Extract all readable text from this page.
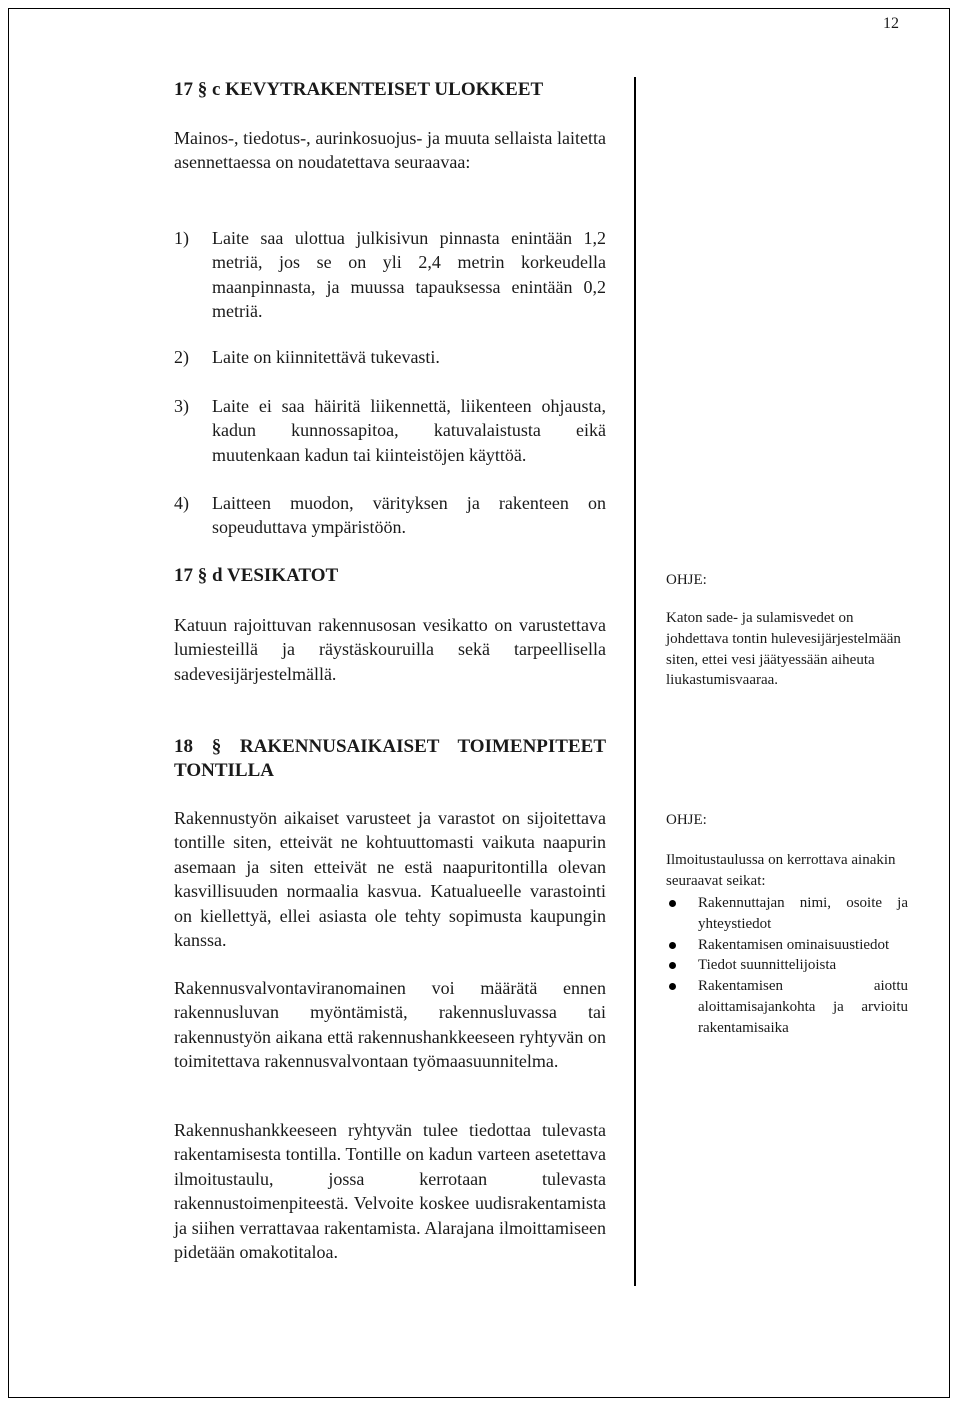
12
17 § c KEVYTRAKENTEISET ULOKKEET
Mainos-, tiedotus-, aurinkosuojus- ja muuta sellaista laitetta asennettaessa on noudatettava seuraavaa:
1)	Laite saa ulottua julkisivun pinnasta enintään 1,2 metriä, jos se on yli 2,4 metrin korkeudella maanpinnasta, ja muussa tapauksessa enintään 0,2 metriä.
2)	Laite on kiinnitettävä tukevasti.
3)	Laite ei saa häiritä liikennettä, liikenteen ohjausta, kadun kunnossapitoa, katuvalaistusta eikä muutenkaan kadun tai kiinteistöjen käyttöä.
4)	Laitteen muodon, värityksen ja rakenteen on sopeuduttava ympäristöön.
17 § d VESIKATOT
Katuun rajoittuvan rakennusosan vesikatto on varustettava lumiesteillä ja räystäskouruilla sekä tarpeellisella sadevesijärjestelmällä.
OHJE:
Katon sade- ja sulamisvedet on johdettava tontin hulevesijärjestelmään siten, ettei vesi jäätyessään aiheuta liukastumisvaaraa.
18 § RAKENNUSAIKAISET TOIMENPITEET TONTILLA
Rakennustyön aikaiset varusteet ja varastot on sijoitettava tontille siten, etteivät ne kohtuuttomasti vaikuta naapurin asemaan ja siten etteivät ne estä naapuritontilla olevan kasvillisuuden normaalia kasvua. Katualueelle varastointi on kiellettyä, ellei asiasta ole tehty sopimusta kaupungin kanssa.
Rakennusvalvontaviranomainen voi määrätä ennen rakennusluvan myöntämistä, rakennusluvassa tai rakennustyön aikana että rakennushankkeeseen ryhtyvän on toimitettava rakennusvalvontaan työmaasuunnitelma.
Rakennushankkeeseen ryhtyvän tulee tiedottaa tulevasta rakentamisesta tontilla. Tontille on kadun varteen asetettava ilmoitustaulu, jossa kerrotaan tulevasta rakennustoimenpiteestä. Velvoite koskee uudisrakentamista ja siihen verrattavaa rakentamista. Alarajana ilmoittamiseen pidetään omakotitaloa.
OHJE:
Ilmoitustaulussa on kerrottava ainakin seuraavat seikat:
Rakennuttajan nimi, osoite ja yhteystiedot
Rakentamisen ominaisuustiedot
Tiedot suunnittelijoista
Rakentamisen aiottu aloittamisajankohta ja arvioitu rakentamisaika
